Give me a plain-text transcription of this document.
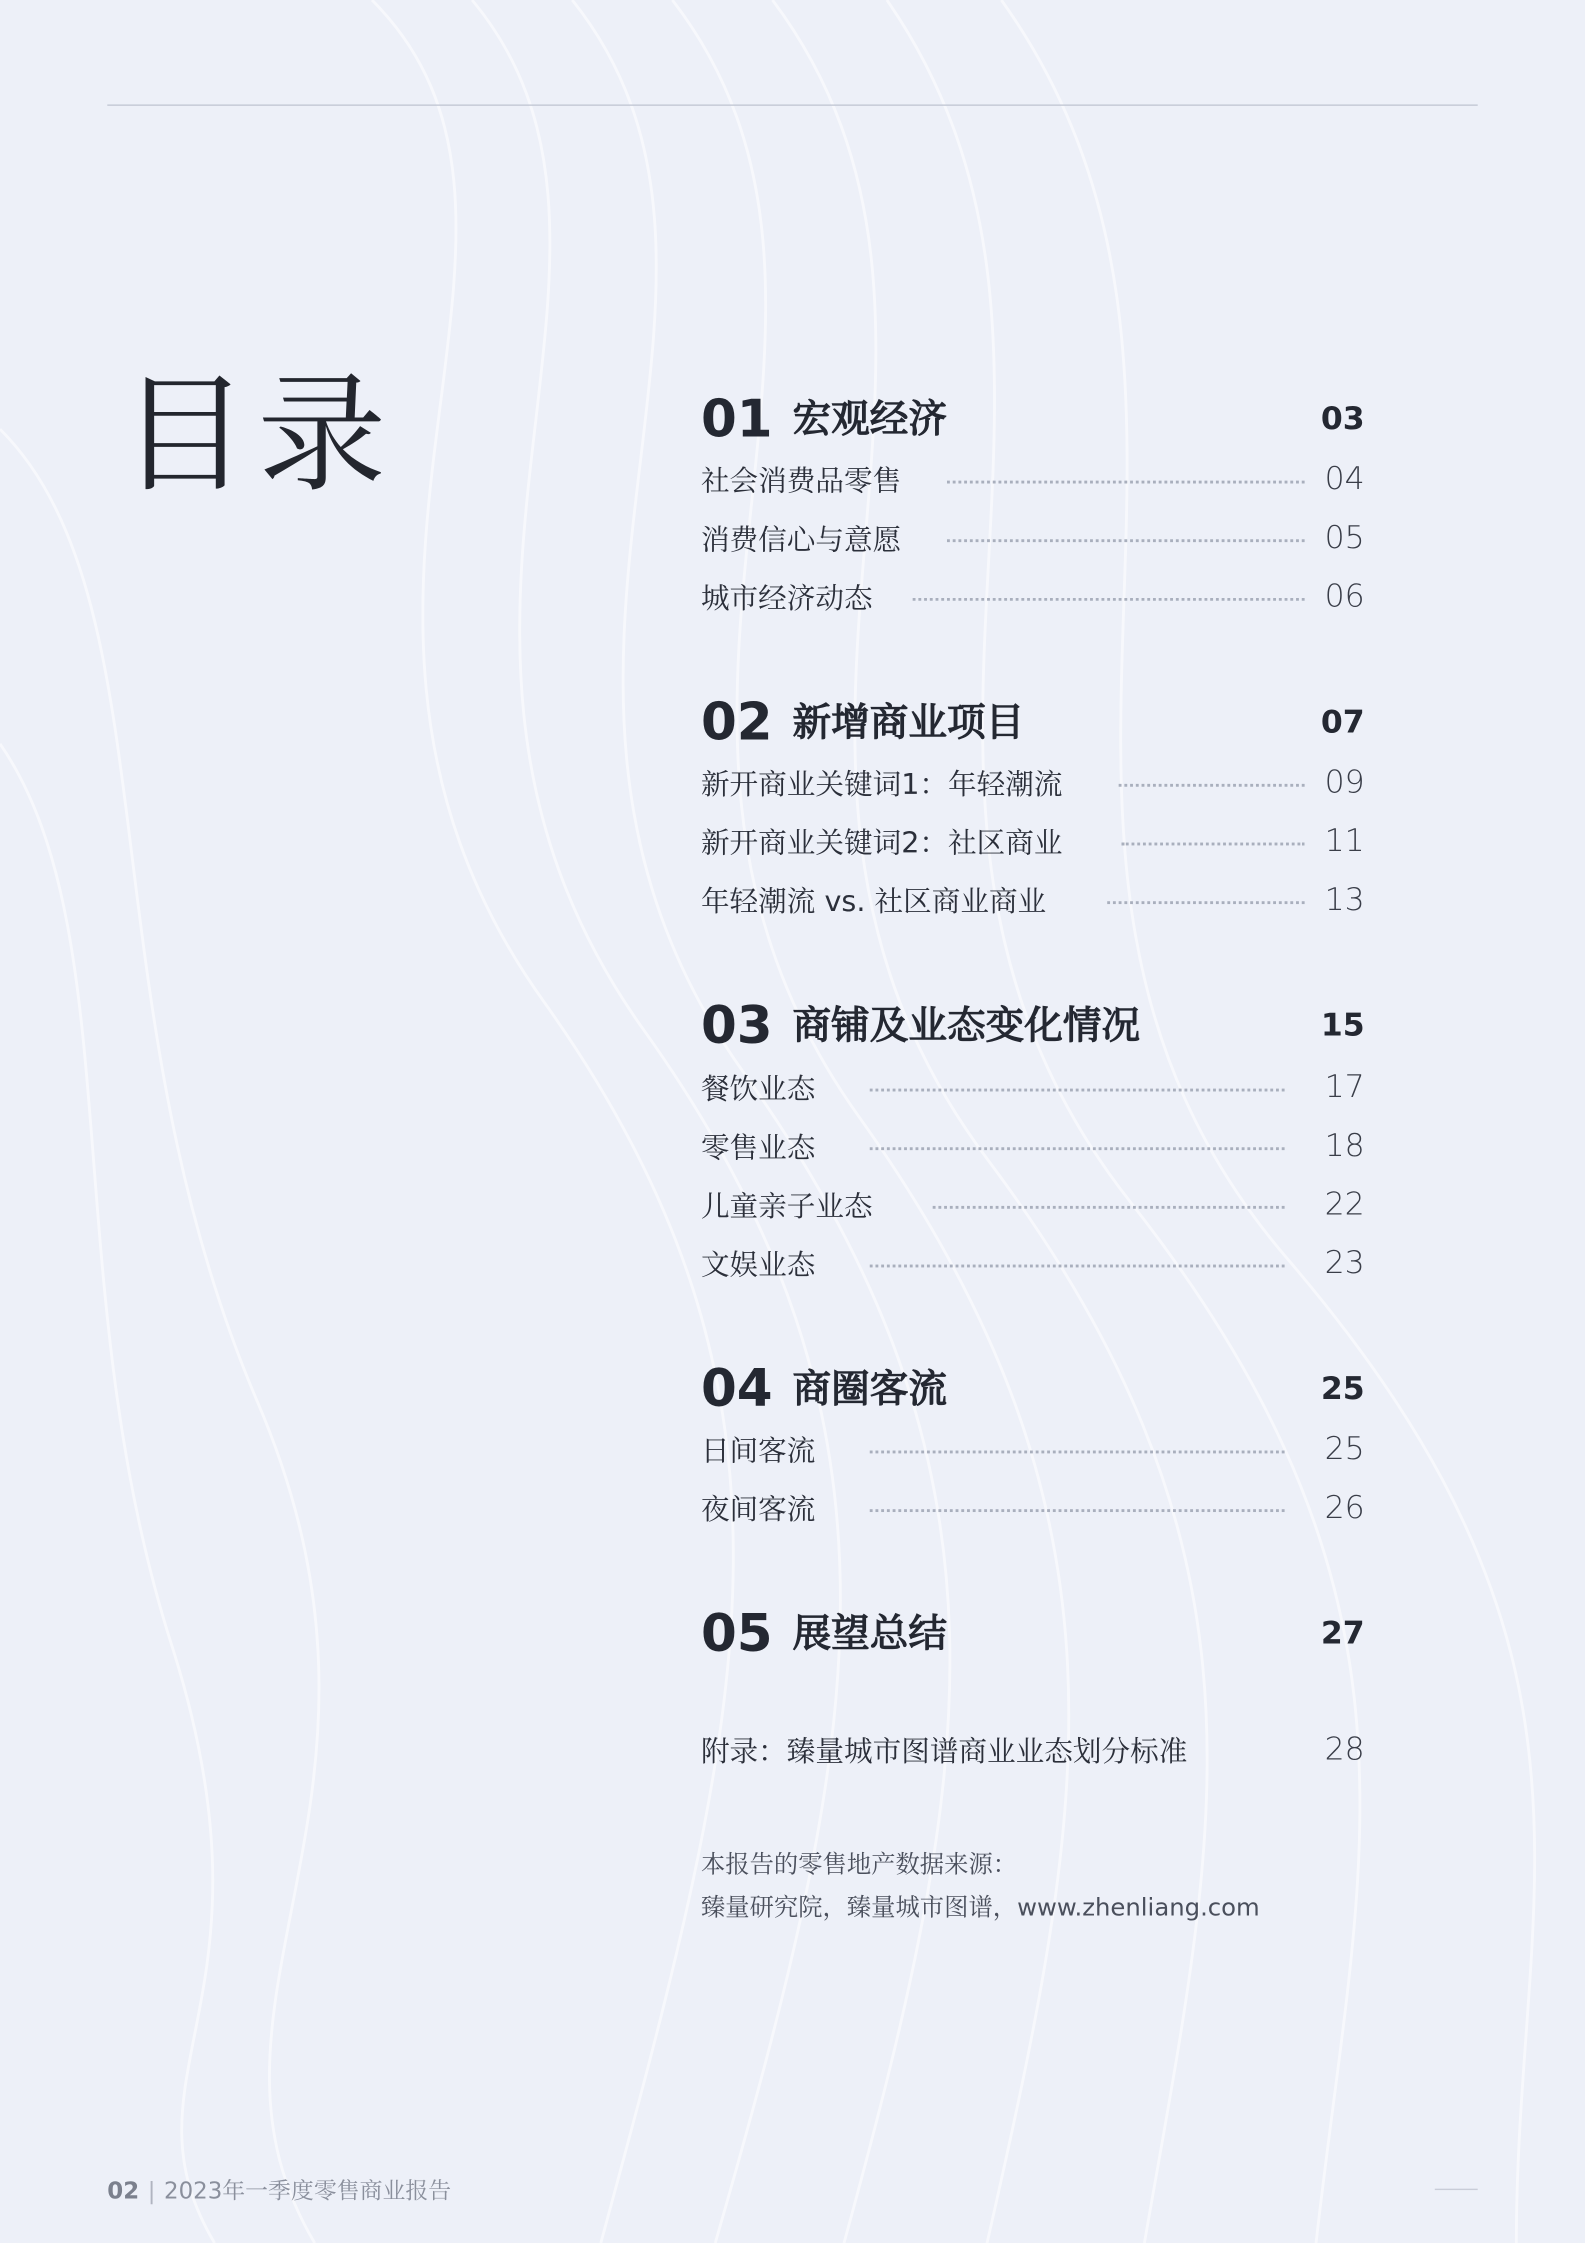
目录	01 宏观经济	03
社会消费品零售	04
消费信心与意愿	05
城市经济动态	06
02 新增商业项目	07
新开商业关键词1：年轻潮流	09
新开商业关键词2：社区商业	11
年轻潮流 vs. 社区商业商业	13
03 商铺及业态变化情况	15
餐饮业态	17
零售业态	18
儿童亲子业态	22
文娱业态	23
04 商圈客流	25
日间客流	25
夜间客流	26
05 展望总结	27
附录：臻量城市图谱商业业态划分标准	28
本报告的零售地产数据来源：
臻量研究院，臻量城市图谱，www.zhenliang.com
02 | 2023年一季度零售商业报告
